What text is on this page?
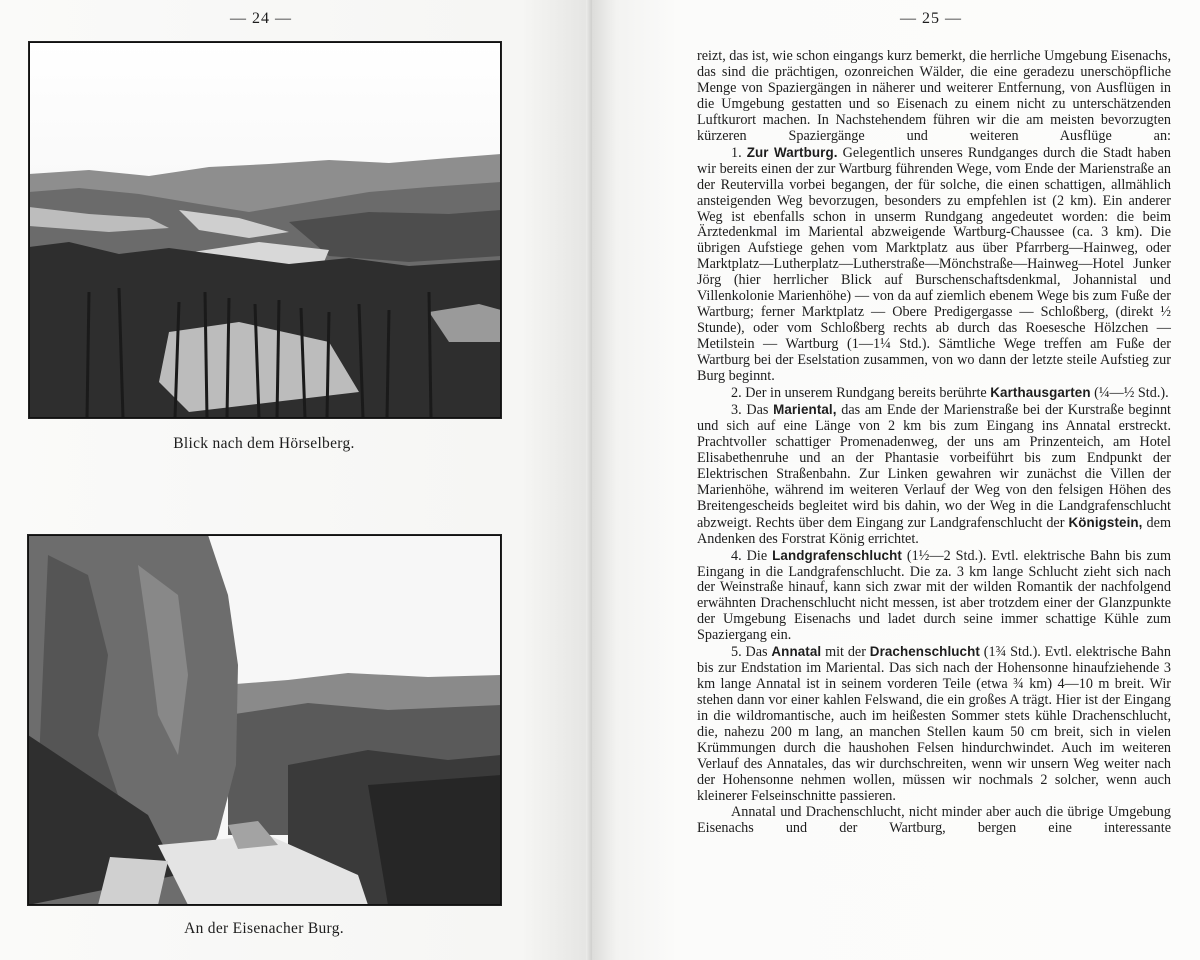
— 24 —
Blick nach dem Hörselberg.
An der Eisenacher Burg.
— 25 —

reizt, das ist, wie schon eingangs kurz bemerkt, die herrliche Umgebung Eisenachs, das sind die prächtigen, ozonreichen Wälder, die eine geradezu unerschöpfliche Menge von Spaziergängen in näherer und weiterer Entfernung, von Ausflügen in die Umgebung gestatten und so Eisenach zu einem nicht zu unterschätzenden Luftkurort machen. In Nachstehendem führen wir die am meisten bevorzugten kürzeren Spaziergänge und weiteren Ausflüge an:

1. Zur Wartburg. Gelegentlich unseres Rundganges durch die Stadt haben wir bereits einen der zur Wartburg führenden Wege, vom Ende der Marienstraße an der Reutervilla vorbei begangen, der für solche, die einen schattigen, allmählich ansteigenden Weg bevorzugen, besonders zu empfehlen ist (2 km). Ein anderer Weg ist ebenfalls schon in unserm Rundgang angedeutet worden: die beim Ärztedenkmal im Mariental abzweigende Wartburg-Chaussee (ca. 3 km). Die übrigen Aufstiege gehen vom Marktplatz aus über Pfarrberg—Hainweg, oder Marktplatz—Lutherplatz—Lutherstraße—Mönchstraße—Hainweg—Hotel Junker Jörg (hier herrlicher Blick auf Burschenschaftsdenkmal, Johannistal und Villenkolonie Marienhöhe) — von da auf ziemlich ebenem Wege bis zum Fuße der Wartburg; ferner Marktplatz — Obere Predigergasse — Schloßberg, (direkt ½ Stunde), oder vom Schloßberg rechts ab durch das Roesesche Hölzchen — Metilstein — Wartburg (1—1¼ Std.). Sämtliche Wege treffen am Fuße der Wartburg bei der Eselstation zusammen, von wo dann der letzte steile Aufstieg zur Burg beginnt.

2. Der in unserem Rundgang bereits berührte Karthausgarten (¼—½ Std.).

3. Das Mariental, das am Ende der Marienstraße bei der Kurstraße beginnt und sich auf eine Länge von 2 km bis zum Eingang ins Annatal erstreckt. Prachtvoller schattiger Promenadenweg, der uns am Prinzenteich, am Hotel Elisabethenruhe und an der Phantasie vorbeiführt bis zum Endpunkt der Elektrischen Straßenbahn. Zur Linken gewahren wir zunächst die Villen der Marienhöhe, während im weiteren Verlauf der Weg von den felsigen Höhen des Breitengescheids begleitet wird bis dahin, wo der Weg in die Landgrafenschlucht abzweigt. Rechts über dem Eingang zur Landgrafenschlucht der Königstein, dem Andenken des Forstrat König errichtet.

4. Die Landgrafenschlucht (1½—2 Std.). Evtl. elektrische Bahn bis zum Eingang in die Landgrafenschlucht. Die za. 3 km lange Schlucht zieht sich nach der Weinstraße hinauf, kann sich zwar mit der wilden Romantik der nachfolgend erwähnten Drachenschlucht nicht messen, ist aber trotzdem einer der Glanzpunkte der Umgebung Eisenachs und ladet durch seine immer schattige Kühle zum Spaziergang ein.

5. Das Annatal mit der Drachenschlucht (1¾ Std.). Evtl. elektrische Bahn bis zur Endstation im Mariental. Das sich nach der Hohensonne hinaufziehende 3 km lange Annatal ist in seinem vorderen Teile (etwa ¾ km) 4—10 m breit. Wir stehen dann vor einer kahlen Felswand, die ein großes A trägt. Hier ist der Eingang in die wildromantische, auch im heißesten Sommer stets kühle Drachenschlucht, die, nahezu 200 m lang, an manchen Stellen kaum 50 cm breit, sich in vielen Krümmungen durch die haushohen Felsen hindurchwindet. Auch im weiteren Verlauf des Annatales, das wir durchschreiten, wenn wir unsern Weg weiter nach der Hohensonne nehmen wollen, müssen wir nochmals 2 solcher, wenn auch kleinerer Felseinschnitte passieren.

Annatal und Drachenschlucht, nicht minder aber auch die übrige Umgebung Eisenachs und der Wartburg, bergen eine interessante
